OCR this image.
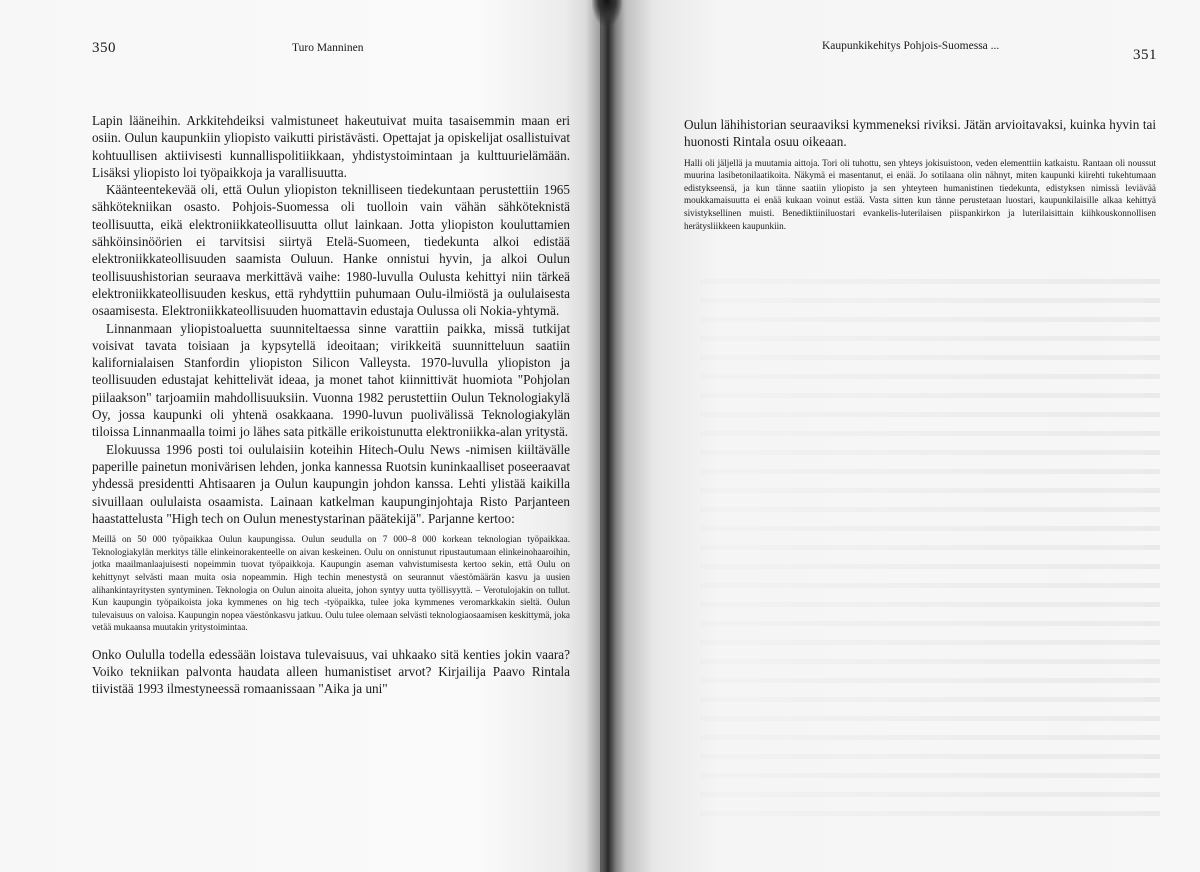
350	Turo Manninen

Lapin lääneihin. Arkkitehdeiksi valmistuneet hakeutuivat muita tasaisemmin maan eri osiin. Oulun kaupunkiin yliopisto vaikutti piristävästi. Opettajat ja opiskelijat osallistuivat kohtuullisen aktiivisesti kunnallispolitiikkaan, yhdistystoimintaan ja kulttuurielämään. Lisäksi yliopisto loi työpaikkoja ja varallisuutta.

Käänteentekevää oli, että Oulun yliopiston teknilliseen tiedekuntaan perustettiin 1965 sähkötekniikan osasto. Pohjois-Suomessa oli tuolloin vain vähän sähköteknistä teollisuutta, eikä elektroniikkateollisuutta ollut lainkaan. Jotta yliopiston kouluttamien sähköinsinöörien ei tarvitsisi siirtyä Etelä-Suomeen, tiedekunta alkoi edistää elektroniikkateollisuuden saamista Ouluun. Hanke onnistui hyvin, ja alkoi Oulun teollisuushistorian seuraava merkittävä vaihe: 1980-luvulla Oulusta kehittyi niin tärkeä elektroniikkateollisuuden keskus, että ryhdyttiin puhumaan Oulu-ilmiöstä ja oululaisesta osaamisesta. Elektroniikkateollisuuden huomattavin edustaja Oulussa oli Nokia-yhtymä.

Linnanmaan yliopistoaluetta suunniteltaessa sinne varattiin paikka, missä tutkijat voisivat tavata toisiaan ja kypsytellä ideoitaan; virikkeitä suunnitteluun saatiin kalifornialaisen Stanfordin yliopiston Silicon Valleysta. 1970-luvulla yliopiston ja teollisuuden edustajat kehittelivät ideaa, ja monet tahot kiinnittivät huomiota "Pohjolan piilaakson" tarjoamiin mahdollisuuksiin. Vuonna 1982 perustettiin Oulun Teknologiakylä Oy, jossa kaupunki oli yhtenä osakkaana. 1990-luvun puolivälissä Teknologiakylän tiloissa Linnanmaalla toimi jo lähes sata pitkälle erikoistunutta elektroniikka-alan yritystä.

Elokuussa 1996 posti toi oululaisiin koteihin Hitech-Oulu News -nimisen kiiltävälle paperille painetun monivärisen lehden, jonka kannessa Ruotsin kuninkaalliset poseeraavat yhdessä presidentti Ahtisaaren ja Oulun kaupungin johdon kanssa. Lehti ylistää kaikilla sivuillaan oululaista osaamista. Lainaan katkelman kaupunginjohtaja Risto Parjanteen haastattelusta "High tech on Oulun menestystarinan päätekijä". Parjanne kertoo:

Meillä on 50 000 työpaikkaa Oulun kaupungissa. Oulun seudulla on 7 000–8 000 korkean teknologian työpaikkaa. Teknologiakylän merkitys tälle elinkeinorakenteelle on aivan keskeinen. Oulu on onnistunut ripustautumaan elinkeinohaaroihin, jotka maailmanlaajuisesti nopeimmin tuovat työpaikkoja. Kaupungin aseman vahvistumisesta kertoo sekin, että Oulu on kehittynyt selvästi maan muita osia nopeammin. High techin menestystä on seurannut väestömäärän kasvu ja uusien alihankintayritysten syntyminen. Teknologia on Oulun ainoita alueita, johon syntyy uutta työllisyyttä. – Verotulojakin on tullut. Kun kaupungin työpaikoista joka kymmenes on hig tech -työpaikka, tulee joka kymmenes veromarkkakin sieltä. Oulun tulevaisuus on valoisa. Kaupungin nopea väestönkasvu jatkuu. Oulu tulee olemaan selvästi teknologiaosaamisen keskittymä, joka vetää mukaansa muutakin yritystoimintaa.

Onko Oululla todella edessään loistava tulevaisuus, vai uhkaako sitä kenties jokin vaara? Voiko tekniikan palvonta haudata alleen humanistiset arvot? Kirjailija Paavo Rintala tiivistää 1993 ilmestyneessä romaanissaan "Aika ja uni"

Kaupunkikehitys Pohjois-Suomessa ...
351

Oulun lähihistorian seuraaviksi kymmeneksi riviksi. Jätän arvioitavaksi, kuinka hyvin tai huonosti Rintala osuu oikeaan.

Halli oli jäljellä ja muutamia aittoja. Tori oli tuhottu, sen yhteys jokisuistoon, veden elementtiin katkaistu. Rantaan oli noussut muurina lasibetonilaatikoita. Näkymä ei masentanut, ei enää. Jo sotilaana olin nähnyt, miten kaupunki kiirehti tukehtumaan edistykseensä, ja kun tänne saatiin yliopisto ja sen yhteyteen humanistinen tiedekunta, edistyksen nimissä leviävää moukkamaisuutta ei enää kukaan voinut estää. Vasta sitten kun tänne perustetaan luostari, kaupunkilaisille alkaa kehittyä sivistyksellinen muisti. Benediktiiniluostari evankelis-luterilaisen piispankirkon ja luterilaisittain kiihkouskonnollisen herätysliikkeen kaupunkiin.
